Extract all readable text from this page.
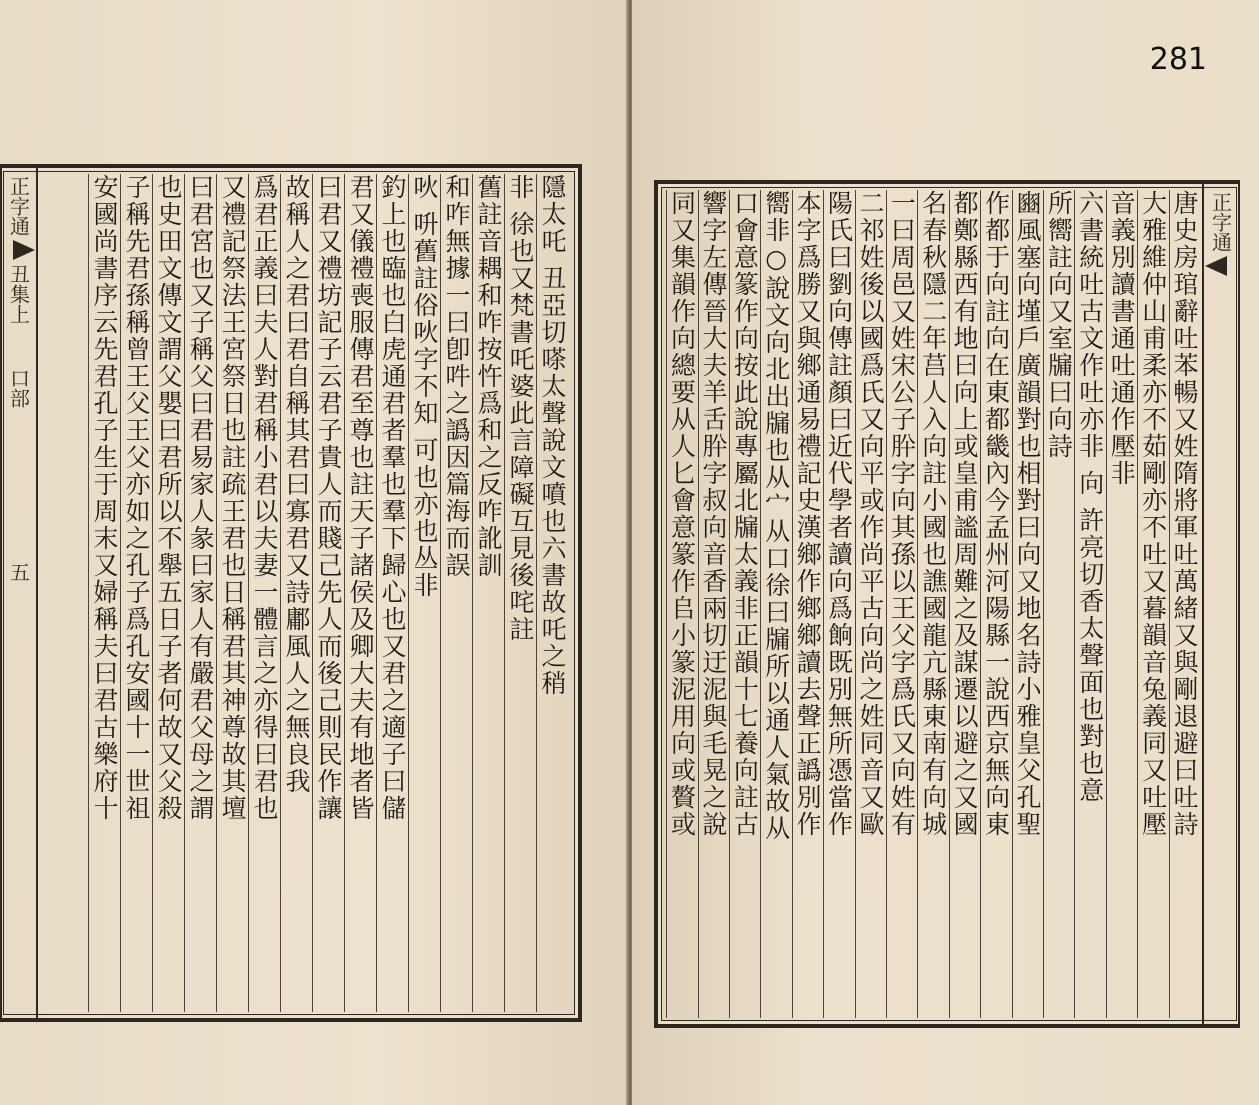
正字通
丑集上
口部
五	隱太吒 丑亞切嗏太聲說文噴也六書故吒之稍
非 徐也又梵書吒婆此言障礙互見後咤註
舊註音耦和咋按忤爲和之反咋訛訓
和咋無據一曰卽吽之譌因篇海而誤
吙 呏舊註俗吙字不知 可也亦也丛非
釣上也臨也白虎通君者羣也羣下歸心也又君之適子曰儲
君又儀禮喪服傳君至尊也註天子諸侯及卿大夫有地者皆
曰君又禮坊記子云君子貴人而賤己先人而後己則民作讓
故稱人之君曰君自稱其君曰寡君又詩鄘風人之無良我
爲君正義曰夫人對君稱小君以夫妻一體言之亦得曰君也
又禮記祭法王宮祭日也註疏王君也日稱君其神尊故其壇
曰君宮也又子稱父曰君易家人彖曰家人有嚴君父母之謂
也史田文傳文謂父嬰曰君所以不舉五日子者何故又父殺
子稱先君孫稱曾王父王父亦如之孔子爲孔安國十一世祖
安國尚書序云先君孔子生于周末又婦稱夫曰君古樂府十
281
正字通
唐史房琯辭吐苯暢又姓隋將軍吐萬緒又與剛退避曰吐詩
大雅維仲山甫柔亦不茹剛亦不吐又暮韻音兔義同又吐壓
音義別讀書通吐通作壓非
六書統吐古文作吐亦非 向 許亮切香太聲面也對也意
所嚮註向又室牖曰向詩
豳風塞向墐戶廣韻對也相對曰向又地名詩小雅皇父孔聖
作都于向註向在東都畿內今孟州河陽縣一說西京無向東
都鄭縣西有地曰向上或皇甫謐周難之及謀遷以避之又國
名春秋隱二年莒人入向註小國也譙國龍亢縣東南有向城
一曰周邑又姓宋公子肸字向其孫以王父字爲氏又向姓有
二祁姓後以國爲氏又向平或作尚平古向尚之姓同音又歐
陽氏曰劉向傳註顏曰近代學者讀向爲餉既別無所憑當作
本字爲勝又與鄉通易禮記史漢鄉作鄉鄉讀去聲正譌別作
嚮非○說文向北出牖也从宀从口徐曰牖所以通人氣故从
口會意篆作向按此說專屬北牖太義非正韻十七養向註古
響字左傳晉大夫羊舌肸字叔向音香兩切迂泥與毛晃之說
同又集韻作向總要从人匕會意篆作𠂤小篆泥用向或贅或
